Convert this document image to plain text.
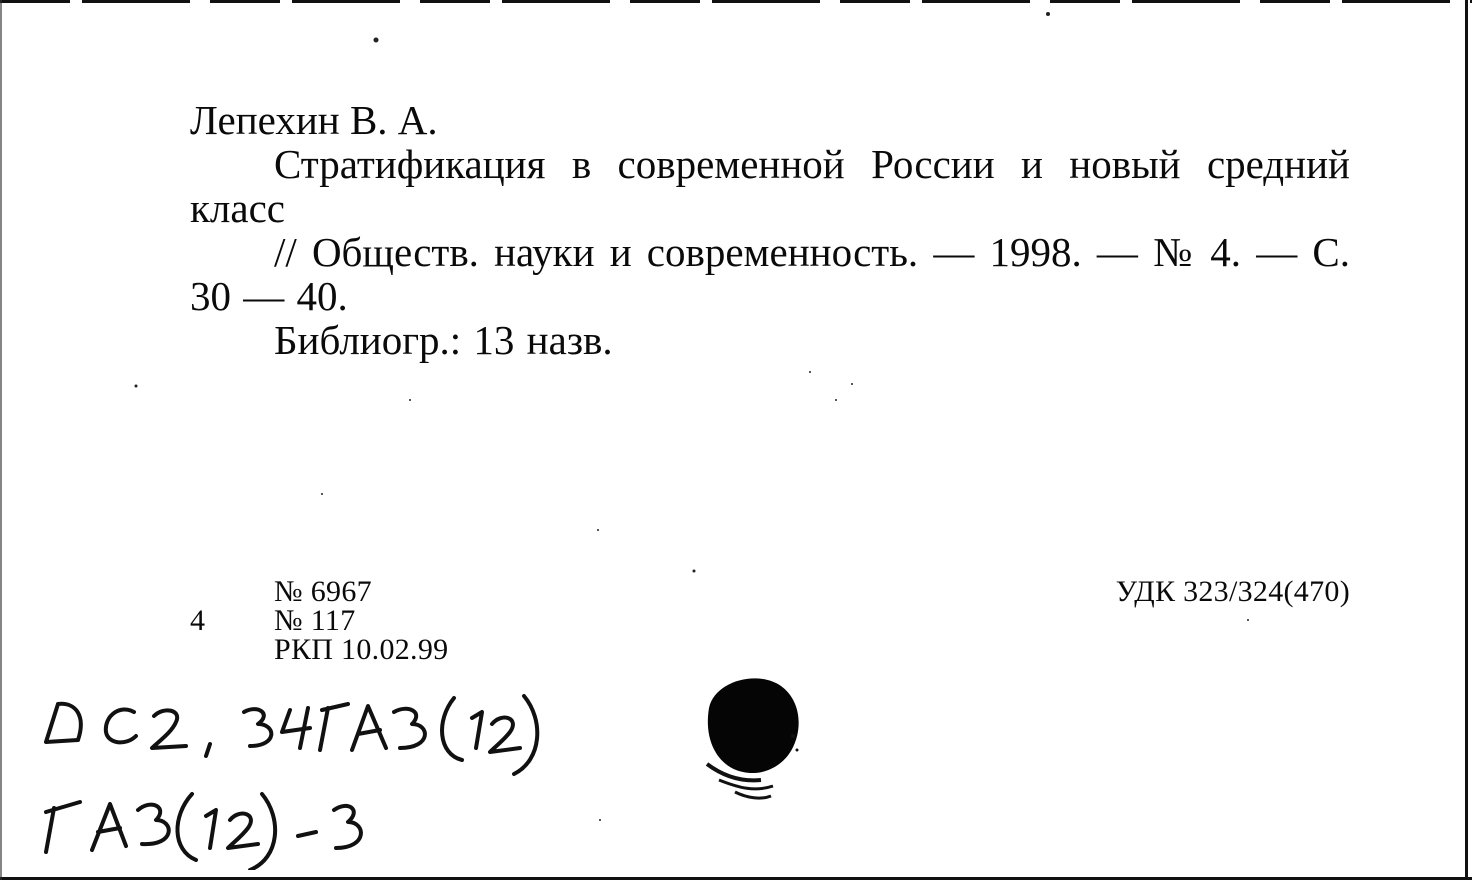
Лепехин В. А.
Стратификация в современной России и новый средний класс
// Обществ. науки и современность. — 1998. — № 4. — С. 30 — 40.
Библиогр.: 13 назв.
4
№ 6967
№ 117
РКП 10.02.99
УДК 323/324(470)
